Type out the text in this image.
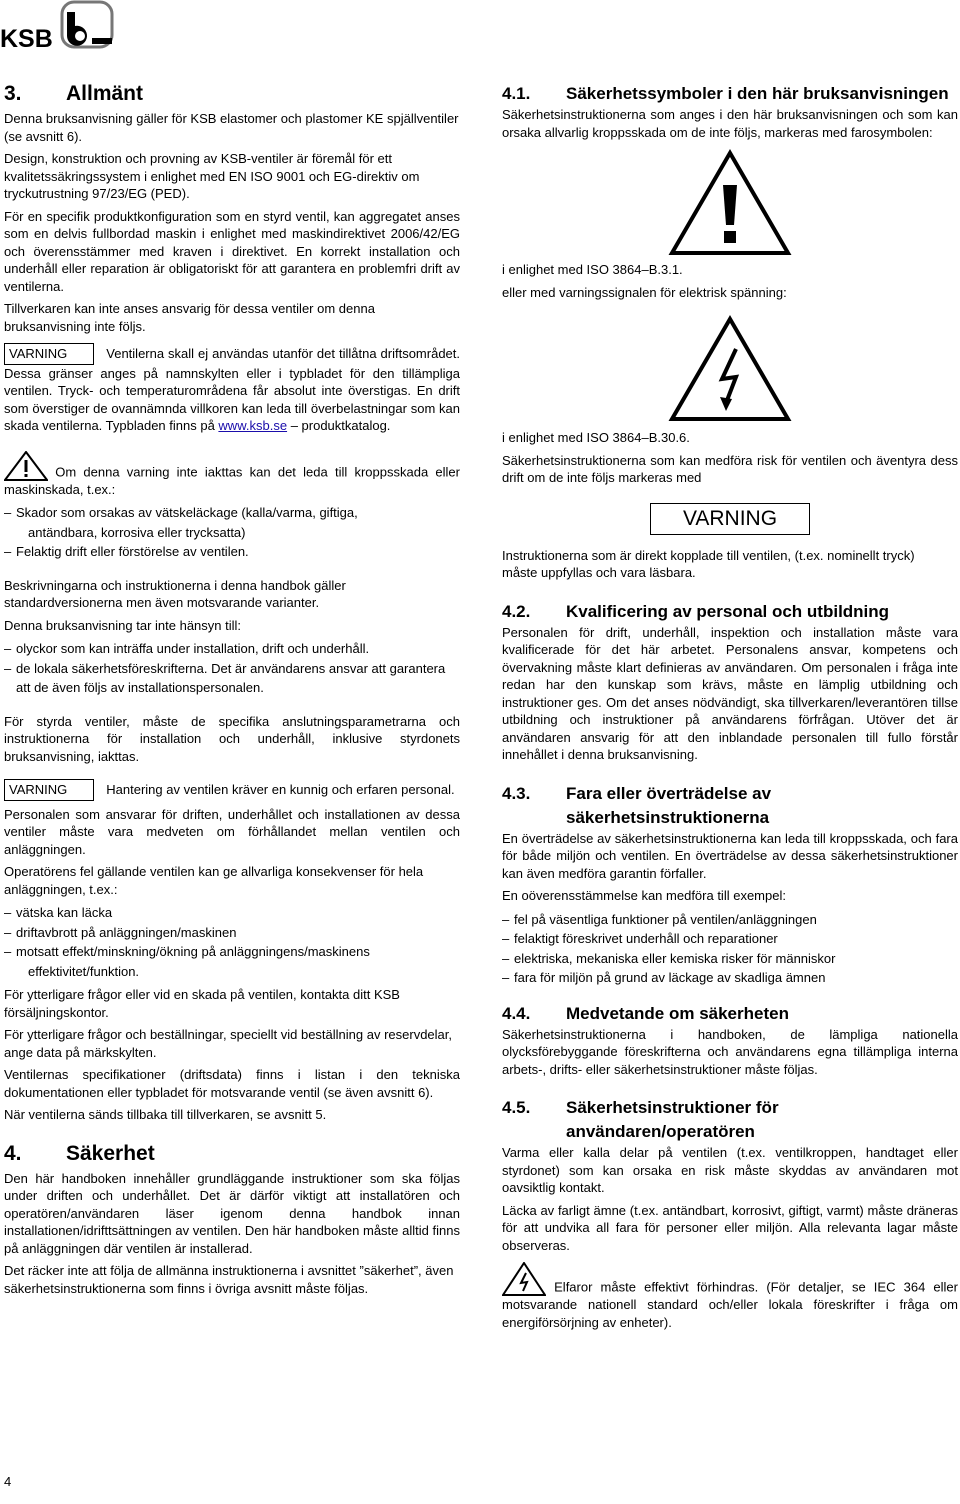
KSB
3.	Allmänt

Denna bruksanvisning gäller för KSB elastomer och plastomer KE spjällventiler (se avsnitt 6).

Design, konstruktion och provning av KSB-ventiler är föremål för ett kvalitetssäkringssystem i enlighet med EN ISO 9001 och EG-direktiv om tryckutrustning 97/23/EG (PED).

För en specifik produktkonfiguration som en styrd ventil, kan aggregatet anses som en delvis fullbordad maskin i enlighet med maskindirektivet 2006/42/EG och överensstämmer med kraven i direktivet. En korrekt installation och underhåll eller reparation är obligatoriskt för att garantera en problemfri drift av ventilerna.

Tillverkaren kan inte anses ansvarig för dessa ventiler om denna bruksanvisning inte följs.

VARNING	Ventilerna skall ej användas utanför det tillåtna driftsområdet. Dessa gränser anges på namnskylten eller i typbladet för den tillämpliga ventilen. Tryck- och temperaturområdena får absolut inte överstigas. En drift som överstiger de ovannämnda villkoren kan leda till överbelastningar som kan skada ventilerna. Typbladen finns på www.ksb.se – produktkatalog.

Om denna varning inte iakttas kan det leda till kroppsskada eller maskinskada, t.ex.:

– Skador som orsakas av vätskeläckage (kalla/varma, giftiga,
antändbara, korrosiva eller trycksatta)
– Felaktig drift eller förstörelse av ventilen.

Beskrivningarna och instruktionerna i denna handbok gäller standardversionerna men även motsvarande varianter.

Denna bruksanvisning tar inte hänsyn till:

– olyckor som kan inträffa under installation, drift och underhåll.
– de lokala säkerhetsföreskrifterna. Det är användarens ansvar att garantera att de även följs av installationspersonalen.

För styrda ventiler, måste de specifika anslutningsparametrarna och instruktionerna för installation och underhåll, inklusive styrdonets bruksanvisning, iakttas.

VARNING	Hantering av ventilen kräver en kunnig och erfaren personal.

Personalen som ansvarar för driften, underhållet och installationen av dessa ventiler måste vara medveten om förhållandet mellan ventilen och anläggningen.

Operatörens fel gällande ventilen kan ge allvarliga konsekvenser för hela anläggningen, t.ex.:

– vätska kan läcka
– driftavbrott på anläggningen/maskinen
– motsatt effekt/minskning/ökning på anläggningens/maskinens
effektivitet/funktion.

För ytterligare frågor eller vid en skada på ventilen, kontakta ditt KSB försäljningskontor.

För ytterligare frågor och beställningar, speciellt vid beställning av reservdelar, ange data på märkskylten.

Ventilernas specifikationer (driftsdata) finns i listan i den tekniska dokumentationen eller typbladet för motsvarande ventil (se även avsnitt 6).

När ventilerna sänds tillbaka till tillverkaren, se avsnitt 5.

4.	Säkerhet

Den här handboken innehåller grundläggande instruktioner som ska följas under driften och underhållet. Det är därför viktigt att installatören och operatören/användaren läser igenom denna handbok innan installationen/idrifttsättningen av ventilen. Den här handboken måste alltid finns på anläggningen där ventilen är installerad.

Det räcker inte att följa de allmänna instruktionerna i avsnittet ”säkerhet”, även säkerhetsinstruktionerna som finns i övriga avsnitt måste följas.

4.1.	Säkerhetssymboler i den här bruksanvisningen

Säkerhetsinstruktionerna som anges i den här bruksanvisningen och som kan orsaka allvarlig kroppsskada om de inte följs, markeras med farosymbolen:

i enlighet med ISO 3864–B.3.1.

eller med varningssignalen för elektrisk spänning:

i enlighet med ISO 3864–B.30.6.

Säkerhetsinstruktionerna som kan medföra risk för ventilen och äventyra dess drift om de inte följs markeras med

VARNING

Instruktionerna som är direkt kopplade till ventilen, (t.ex. nominellt tryck)

måste uppfyllas och vara läsbara.

4.2.	Kvalificering av personal och utbildning

Personalen för drift, underhåll, inspektion och installation måste vara kvalificerade för det här arbetet. Personalens ansvar, kompetens och övervakning måste klart definieras av användaren. Om personalen i fråga inte redan har den kunskap som krävs, måste en lämplig utbildning och instruktioner ges. Om det anses nödvändigt, ska tillverkaren/leverantören tillse utbildning och instruktioner på användarens förfrågan. Utöver det är användaren ansvarig för att den inblandade personalen till fullo förstår innehållet i denna bruksanvisning.

4.3.	Fara eller överträdelse av säkerhetsinstruktionerna

En överträdelse av säkerhetsinstruktionerna kan leda till kroppsskada, och fara för både miljön och ventilen. En överträdelse av dessa säkerhetsinstruktioner kan även medföra garantin förfaller.

En oöverensstämmelse kan medföra till exempel:

– fel på väsentliga funktioner på ventilen/anläggningen
– felaktigt föreskrivet underhåll och reparationer
– elektriska, mekaniska eller kemiska risker för människor
– fara för miljön på grund av läckage av skadliga ämnen
4.4.	Medvetande om säkerheten

Säkerhetsinstruktionerna i handboken, de lämpliga nationella olycksförebyggande föreskrifterna och användarens egna tillämpliga interna arbets-, drifts- eller säkerhetsinstruktioner måste följas.

4.5.	Säkerhetsinstruktioner för användaren/operatören

Varma eller kalla delar på ventilen (t.ex. ventilkroppen, handtaget eller styrdonet) som kan orsaka en risk måste skyddas av användaren mot oavsiktlig kontakt.

Läcka av farligt ämne (t.ex. antändbart, korrosivt, giftigt, varmt) måste dräneras för att undvika all fara för personer eller miljön. Alla relevanta lagar måste observeras.

Elfaror måste effektivt förhindras. (För detaljer, se IEC 364 eller motsvarande nationell standard och/eller lokala föreskrifter i fråga om energiförsörjning av enheter).

4
